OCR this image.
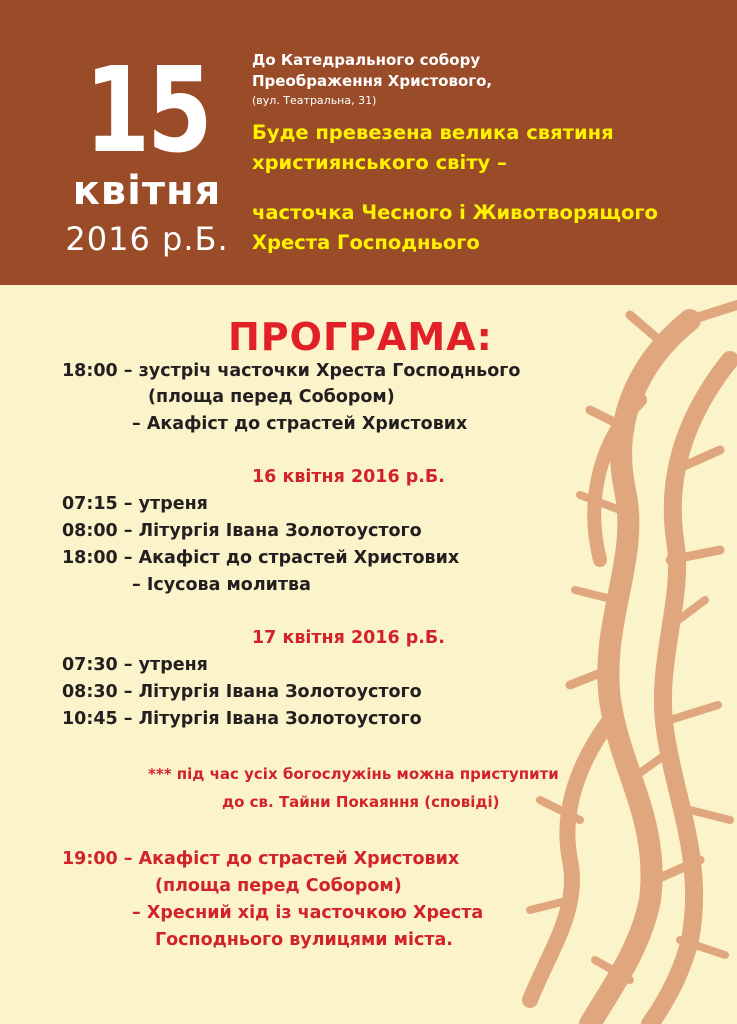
15
квітня
2016 р.Б.
До Катедрального собору
Преображення Христового,
(вул. Театральна, 31)
Буде превезена велика святиня
християнського світу –
часточка Чесного і Животворящого
Хреста Господнього
ПРОГРАМА:
18:00 – зустріч часточки Хреста Господнього
(площа перед Собором)
– Акафіст до страстей Христових
16 квітня 2016 р.Б.
07:15 – утреня
08:00 – Літургія Івана Золотоустого
18:00 – Акафіст до страстей Христових
– Ісусова молитва
17 квітня 2016 р.Б.
07:30 – утреня
08:30 – Літургія Івана Золотоустого
10:45 – Літургія Івана Золотоустого
*** під час усіх богослужінь можна приступити
до св. Тайни Покаяння (сповіді)
19:00 – Акафіст до страстей Христових
(площа перед Собором)
– Хресний хід із часточкою Хреста
Господнього вулицями міста.
